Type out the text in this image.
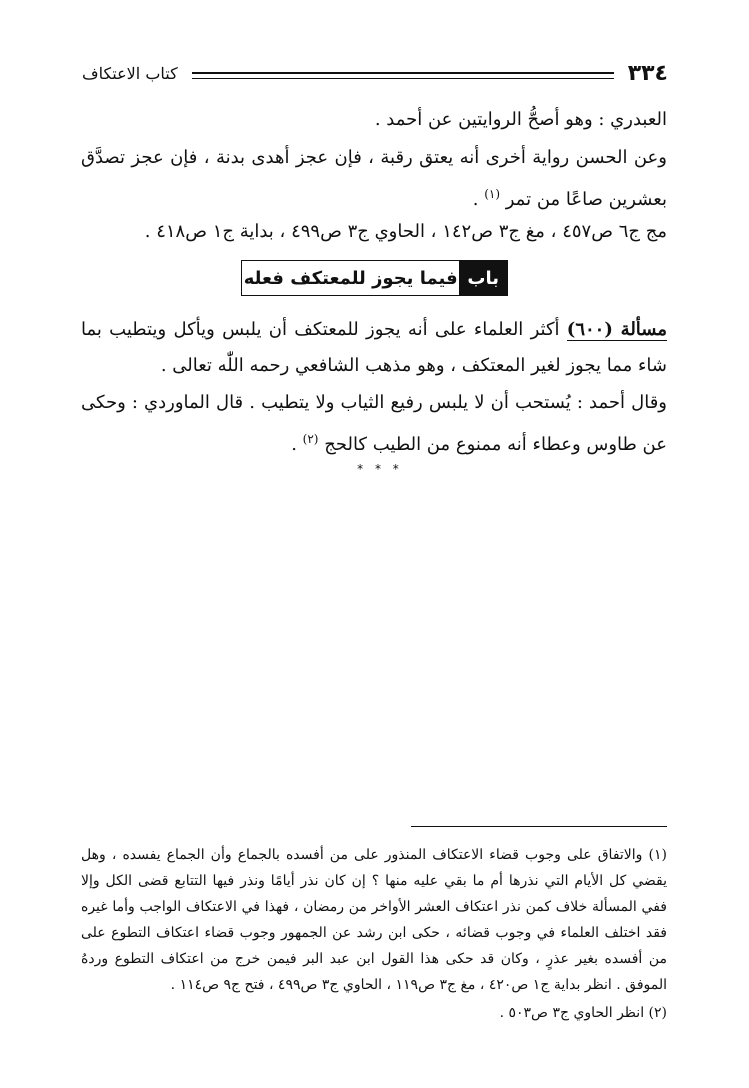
٣٣٤
كتاب الاعتكاف

العبدري : وهو أصحُّ الروايتين عن أحمد .

وعن الحسن رواية أخرى أنه يعتق رقبة ، فإن عجز أهدى بدنة ، فإن عجز تصدَّق بعشرين صاعًا من تمر $^{(١)}$ .

مج ج٦ ص٤٥٧ ، مغ ج٣ ص١٤٢ ، الحاوي ج٣ ص٤٩٩ ، بداية ج١ ص٤١٨ .

باب
فيما يجوز للمعتكف فعله

مسألة (٦٠٠) أكثر العلماء على أنه يجوز للمعتكف أن يلبس ويأكل ويتطيب بما شاء مما يجوز لغير المعتكف ، وهو مذهب الشافعي رحمه اللّٰه تعالى .

وقال أحمد : يُستحب أن لا يلبس رفيع الثياب ولا يتطيب . قال الماوردي : وحكى عن طاوس وعطاء أنه ممنوع من الطيب كالحج $^{(٢)}$ .

* * *

(١) والاتفاق على وجوب قضاء الاعتكاف المنذور على من أفسده بالجماع وأن الجماع يفسده ، وهل يقضي كل الأيام التي نذرها أم ما بقي عليه منها ؟ إن كان نذر أيامًا ونذر فيها التتابع قضى الكل وإلا ففي المسألة خلاف كمن نذر اعتكاف العشر الأواخر من رمضان ، فهذا في الاعتكاف الواجب وأما غيره فقد اختلف العلماء في وجوب قضائه ، حكى ابن رشد عن الجمهور وجوب قضاء اعتكاف التطوع على من أفسده بغير عذرٍ ، وكان قد حكى هذا القول ابن عبد البر فيمن خرج من اعتكاف التطوع وردهُ الموفق . انظر بداية ج١ ص٤٢٠ ، مغ ج٣ ص١١٩ ، الحاوي ج٣ ص٤٩٩ ، فتح ج٩ ص١١٤ .

(٢) انظر الحاوي ج٣ ص٥٠٣ .
